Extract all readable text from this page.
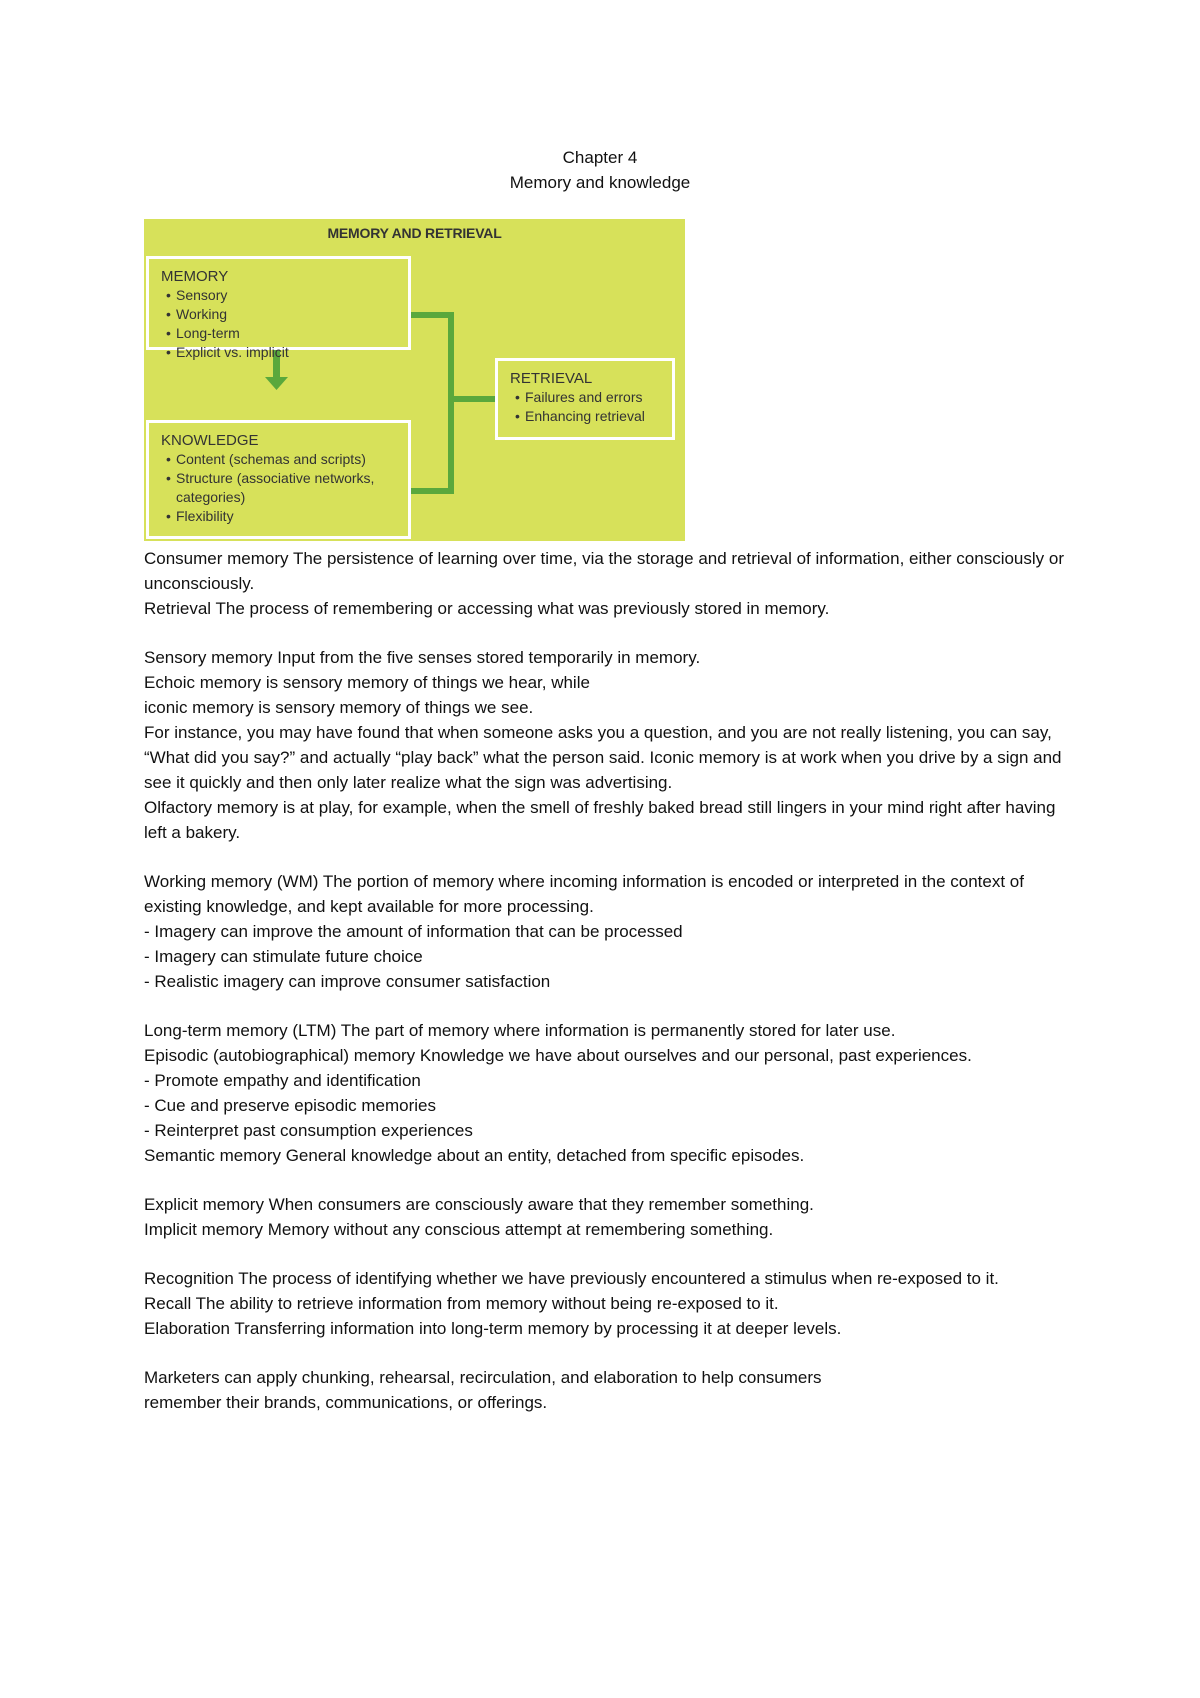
Chapter 4
Memory and knowledge
MEMORY AND RETRIEVAL
MEMORY
• Sensory
• Working
• Long-term
• Explicit vs. implicit
KNOWLEDGE
• Content (schemas and scripts)
• Structure (associative networks, categories)
• Flexibility
RETRIEVAL
• Failures and errors
• Enhancing retrieval

Consumer memory The persistence of learning over time, via the storage and retrieval of information, either consciously or unconsciously.

Retrieval The process of remembering or accessing what was previously stored in memory.

Sensory memory Input from the five senses stored temporarily in memory.

Echoic memory is sensory memory of things we hear, while

iconic memory is sensory memory of things we see.

For instance, you may have found that when someone asks you a question, and you are not really listening, you can say, “What did you say?” and actually “play back” what the person said. Iconic memory is at work when you drive by a sign and see it quickly and then only later realize what the sign was advertising.

Olfactory memory is at play, for example, when the smell of freshly baked bread still lingers in your mind right after having left a bakery.

Working memory (WM) The portion of memory where incoming information is encoded or interpreted in the context of existing knowledge, and kept available for more processing.

- Imagery can improve the amount of information that can be processed

- Imagery can stimulate future choice

- Realistic imagery can improve consumer satisfaction

Long-term memory (LTM) The part of memory where information is permanently stored for later use.

Episodic (autobiographical) memory Knowledge we have about ourselves and our personal, past experiences.

- Promote empathy and identification

- Cue and preserve episodic memories

- Reinterpret past consumption experiences

Semantic memory General knowledge about an entity, detached from specific episodes.

Explicit memory When consumers are consciously aware that they remember something.

Implicit memory Memory without any conscious attempt at remembering something.

Recognition The process of identifying whether we have previously encountered a stimulus when re-exposed to it.

Recall The ability to retrieve information from memory without being re-exposed to it.

Elaboration Transferring information into long-term memory by processing it at deeper levels.

Marketers can apply chunking, rehearsal, recirculation, and elaboration to help consumers

remember their brands, communications, or offerings.
